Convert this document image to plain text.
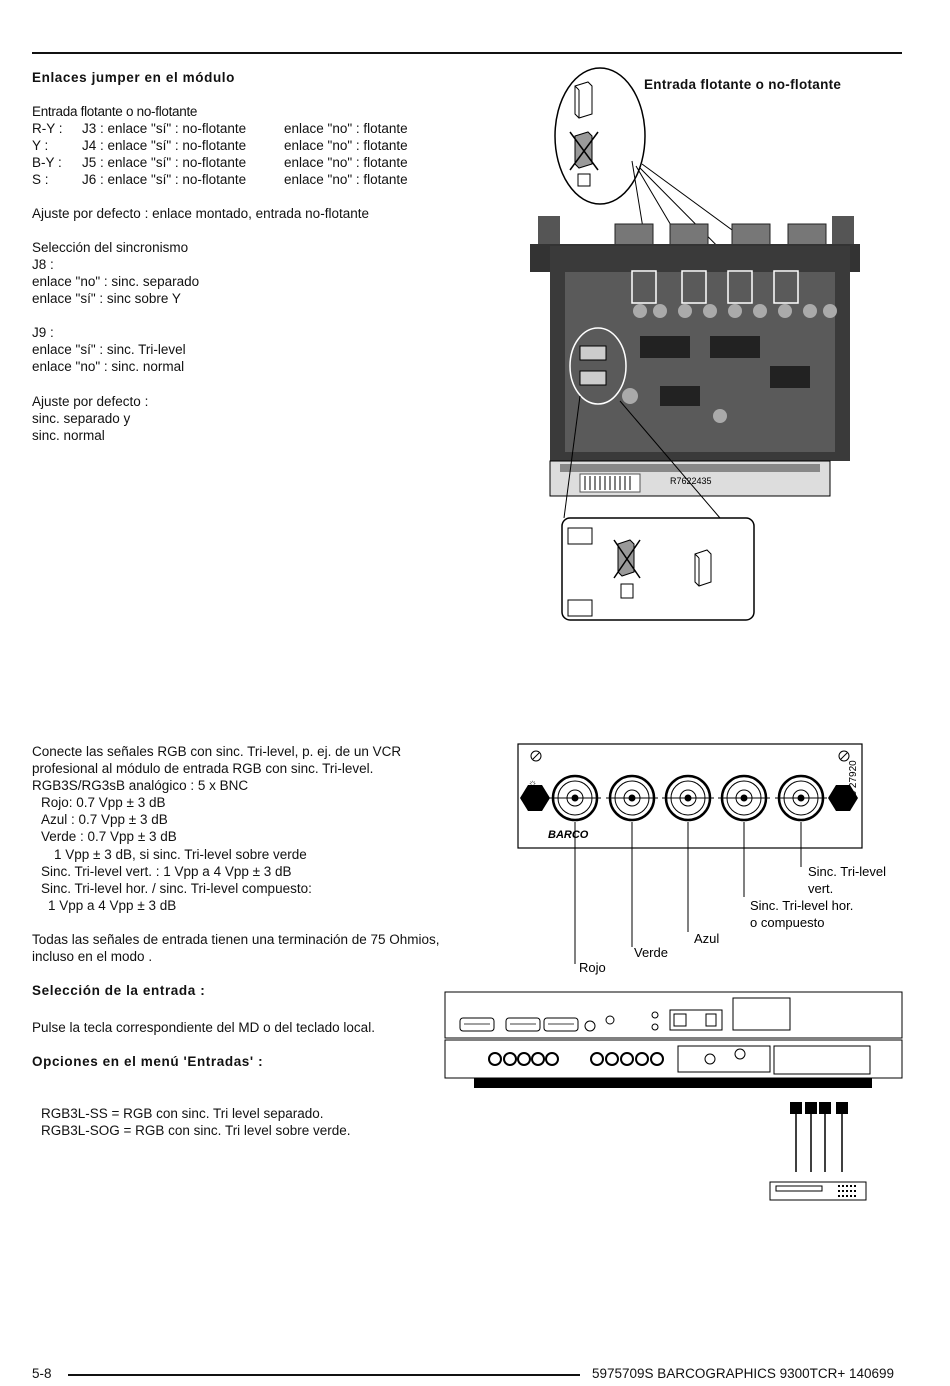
Enlaces jumper en el módulo
Entrada flotante o no-flotante
R-Y : J3 : enlace "sí" : no-flotante	enlace "no" : flotante
Y : J4 : enlace "sí" : no-flotante	enlace "no" : flotante
B-Y : J5 : enlace "sí" : no-flotante	enlace "no" : flotante
S : J6 : enlace "sí" : no-flotante	enlace "no" : flotante
Ajuste por defecto : enlace montado, entrada no-flotante
Selección del sincronismo
J8 :
enlace "no" : sinc. separado
enlace "sí" : sinc sobre Y
J9 :
enlace "sí" : sinc. Tri-level
enlace "no" : sinc. normal
Ajuste por defecto :
sinc. separado y
sinc. normal
Entrada flotante o no-flotante
R7622435
Conecte las señales RGB con sinc. Tri-level, p. ej. de un VCR
profesional al módulo de entrada RGB con sinc. Tri-level.
RGB3S/RG3sB analógico : 5 x BNC
Rojo: 0.7 Vpp ± 3 dB
Azul : 0.7 Vpp ± 3 dB
Verde : 0.7 Vpp ± 3 dB
1 Vpp ± 3 dB, si sinc. Tri-level sobre verde
Sinc. Tri-level vert. : 1 Vpp a 4 Vpp ± 3 dB
Sinc. Tri-level hor. / sinc. Tri-level compuesto:
1 Vpp a 4 Vpp ± 3 dB
Todas las señales de entrada tienen una terminación de 75 Ohmios,
incluso en el modo .
Selección de la entrada :
Pulse la tecla correspondiente del MD o del teclado local.
Opciones en el menú 'Entradas' :
RGB3L-SS = RGB con sinc. Tri level separado.
RGB3L-SOG = RGB con sinc. Tri level sobre verde.
☼
BARCO
98 27920
Sinc. Tri-level
vert.
Sinc. Tri-level hor.
o compuesto
Azul
Verde
Rojo
5-8	5975709S BARCOGRAPHICS 9300TCR+ 140699
